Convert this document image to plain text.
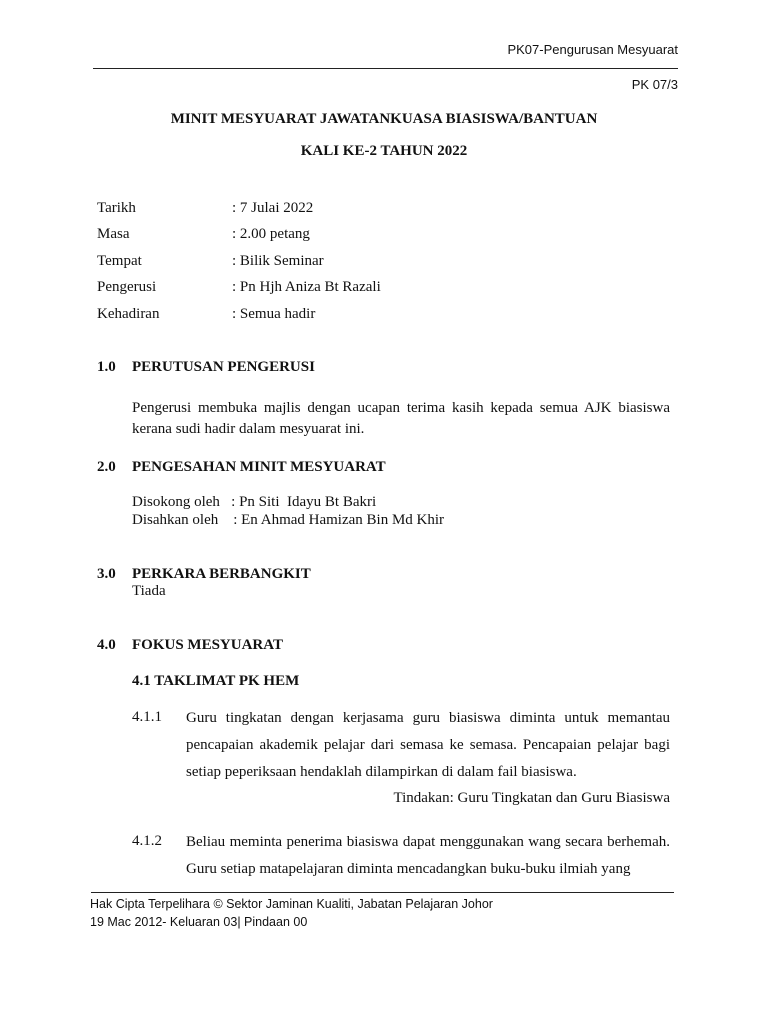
PK07-Pengurusan Mesyuarat
PK 07/3
MINIT MESYUARAT JAWATANKUASA BIASISWA/BANTUAN
KALI KE-2 TAHUN 2022
Tarikh	: 7 Julai 2022
Masa	: 2.00 petang
Tempat	: Bilik Seminar
Pengerusi	: Pn Hjh Aniza Bt Razali
Kehadiran	: Semua hadir
1.0 PERUTUSAN PENGERUSI
Pengerusi membuka majlis dengan ucapan terima kasih kepada semua AJK biasiswa kerana sudi hadir dalam mesyuarat ini.
2.0 PENGESAHAN MINIT MESYUARAT
Disokong oleh   : Pn Siti  Idayu Bt Bakri
Disahkan oleh    : En Ahmad Hamizan Bin Md Khir
3.0 PERKARA BERBANGKIT
Tiada
4.0 FOKUS MESYUARAT
4.1 TAKLIMAT PK HEM
4.1.1 Guru tingkatan dengan kerjasama guru biasiswa diminta untuk memantau pencapaian akademik pelajar dari semasa ke semasa. Pencapaian pelajar bagi setiap peperiksaan hendaklah dilampirkan di dalam fail biasiswa.
Tindakan: Guru Tingkatan dan Guru Biasiswa
4.1.2 Beliau meminta penerima biasiswa dapat menggunakan wang secara berhemah. Guru setiap matapelajaran diminta mencadangkan buku-buku ilmiah yang
Hak Cipta Terpelihara © Sektor Jaminan Kualiti, Jabatan Pelajaran Johor
19 Mac 2012- Keluaran 03| Pindaan 00
